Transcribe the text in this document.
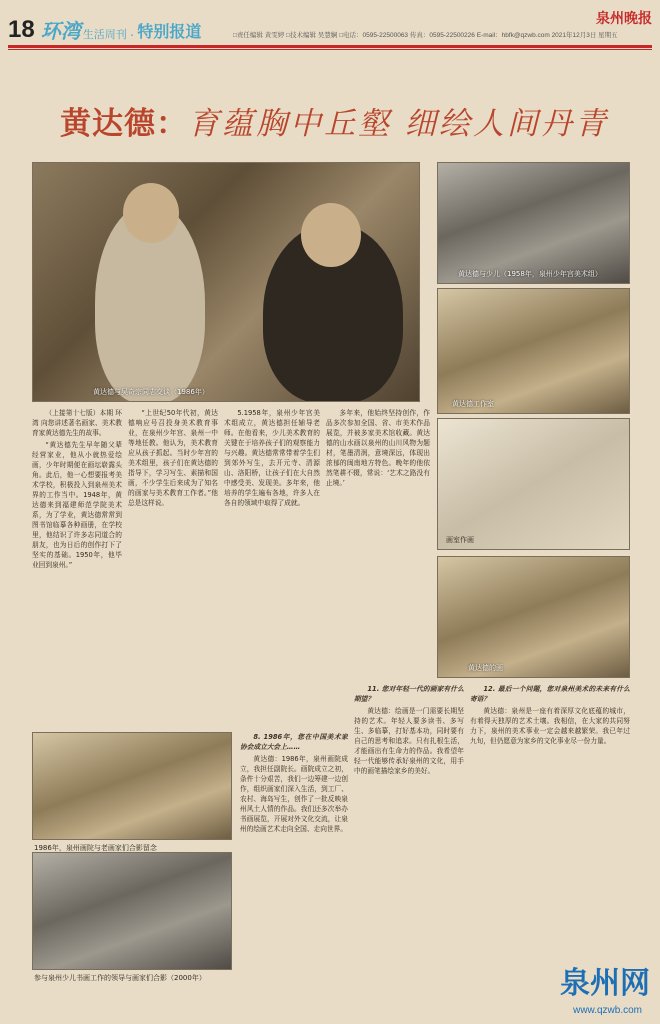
18 环湾 生活周刊 · 特别报道
泉州晚报
□责任编辑 黄雯婷 □技术编辑 吴慧娴 □电话：0595-22500063 传真：0595-22500226 E-mail：hbfk@qzwb.com 2021年12月3日 星期五
黄达德：育蕴胸中丘壑 细绘人间丹青
黄达德与吴奇宗同志交谈（1986年）
黄达德与少儿（1958年，泉州少年宫美术组）
黄达德工作室
画室作画
黄达德的画
1986年，泉州画院与老画家们合影留念
参与泉州少儿书画工作的领导与画家们合影（2000年）

（上接第十七版）本期 环湾 向您讲述著名画家、美术教育家黄达德先生的故事。

“黄达德先生早年随父辈经营家业，他从小就热爱绘画，少年时期便在画坛崭露头角。此后，他一心想要报考美术学校，积极投入到泉州美术界的工作当中。1948年，黄达德来到福建师范学院美术系，为了学业，黄达德常常到图书馆临摹各种画册，在学校里，他结识了许多志同道合的朋友，也为日后的创作打下了坚实的基础。1950年，他毕业回到泉州。”

“上世纪50年代初，黄达德响应号召投身美术教育事业，在泉州少年宫、泉州一中等地任教。他认为，美术教育应从孩子抓起。当时少年宫的美术组里，孩子们在黄达德的指导下，学习写生、素描和国画，不少学生后来成为了知名的画家与美术教育工作者。”他总是这样说。

5.1958年，泉州少年宫美术组成立，黄达德担任辅导老师。在他看来，少儿美术教育的关键在于培养孩子们的观察能力与兴趣。黄达德常常带着学生们到郊外写生，去开元寺、清源山、洛阳桥，让孩子们在大自然中感受美、发现美。多年来，他培养的学生遍布各地，许多人在各自的领域中取得了成就。

多年来，他始终坚持创作，作品多次参加全国、省、市美术作品展览，并被多家美术馆收藏。黄达德的山水画以泉州的山川风物为题材，笔墨清润，意境深远，体现出浓郁的闽南地方特色。晚年的他依然笔耕不辍，常说：‘艺术之路没有止境。’

8. 1986年，您在中国美术家协会成立大会上……

黄达德：1986年，泉州画院成立，我担任副院长。画院成立之初，条件十分艰苦，我们一边筹建一边创作，组织画家们深入生活，到工厂、农村、海岛写生，创作了一批反映泉州风土人情的作品。我们还多次举办书画展览，开展对外文化交流，让泉州的绘画艺术走向全国、走向世界。

11. 您对年轻一代的画家有什么期望？

黄达德：绘画是一门需要长期坚持的艺术。年轻人要多读书、多写生、多临摹，打好基本功，同时要有自己的思考和追求。只有扎根生活，才能画出有生命力的作品。我希望年轻一代能够传承好泉州的文化，用手中的画笔描绘家乡的美好。

12. 最后一个问题，您对泉州美术的未来有什么寄语？

黄达德：泉州是一座有着深厚文化底蕴的城市，有着得天独厚的艺术土壤。我相信，在大家的共同努力下，泉州的美术事业一定会越来越繁荣。我已年过九旬，但仍愿意为家乡的文化事业尽一份力量。

泉州网
www.qzwb.com
